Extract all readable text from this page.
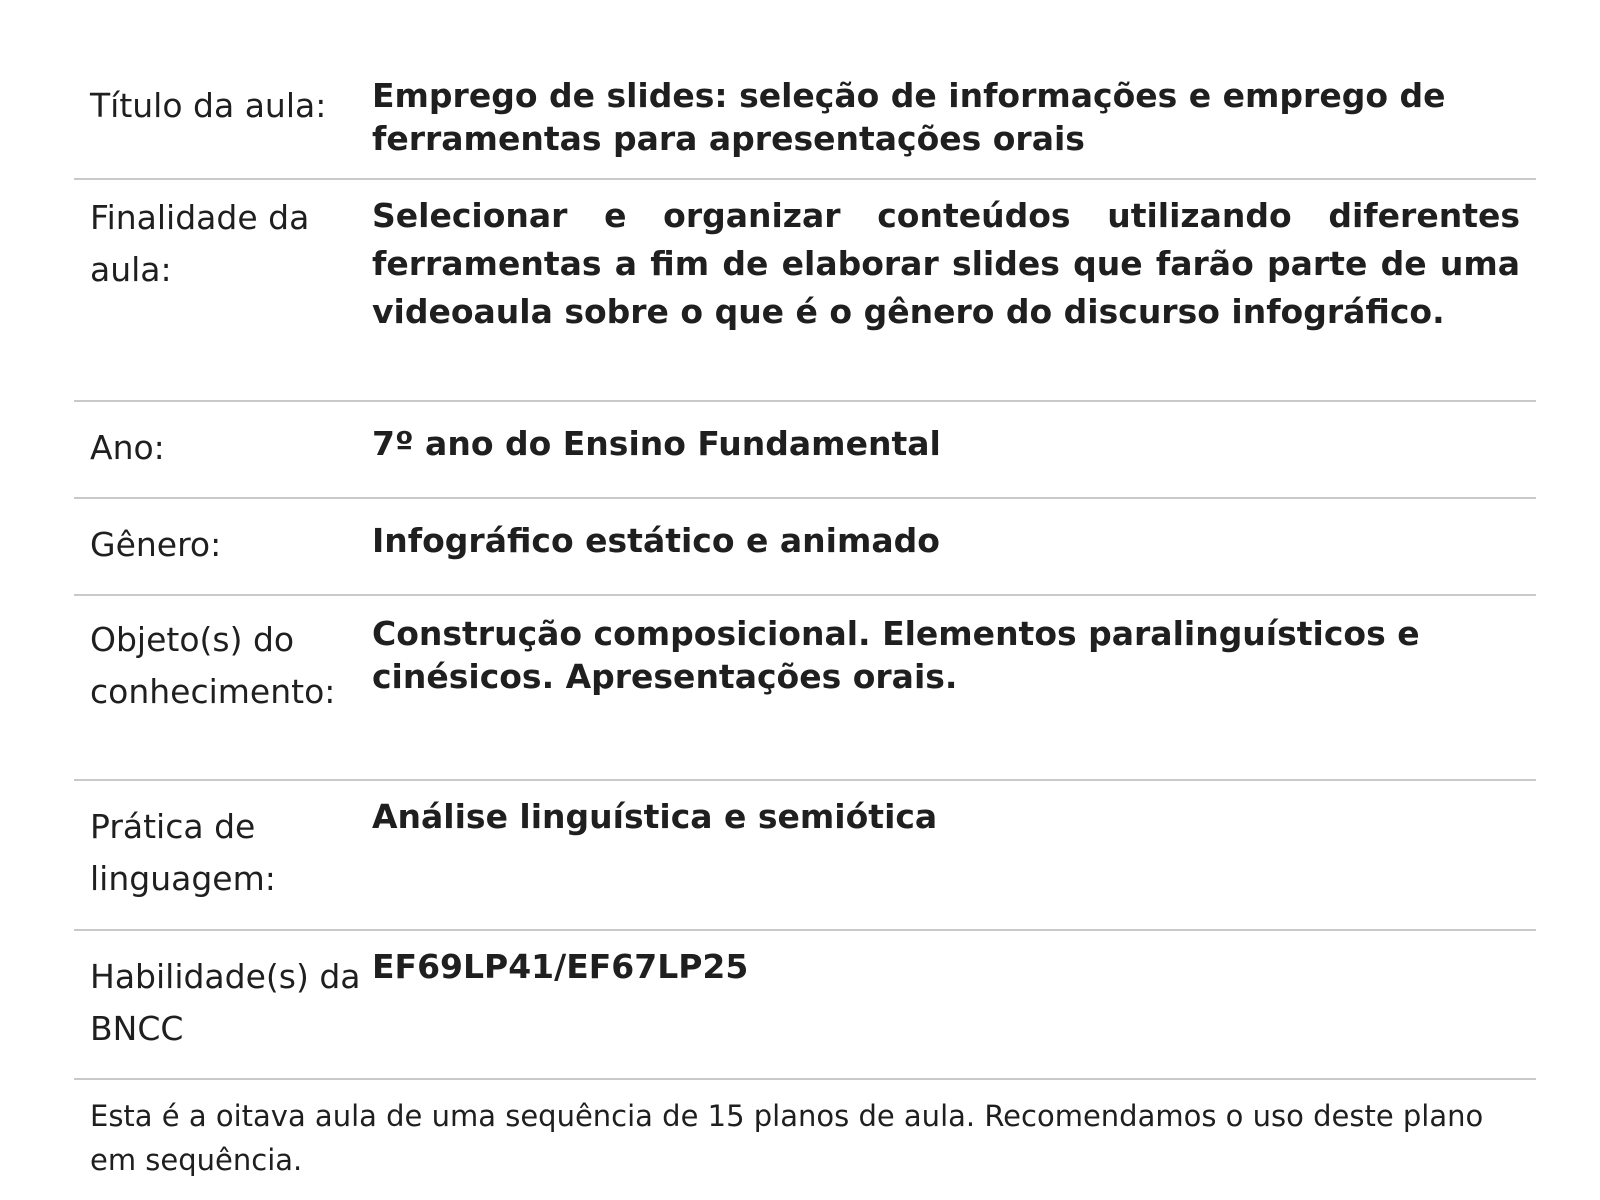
Título da aula:	Emprego de slides: seleção de informações e emprego de ferramentas para apresentações orais
Finalidade da aula:
Selecionar e organizar conteúdos utilizando diferentes ferramentas a fim de elaborar slides que farão parte de uma videoaula sobre o que é o gênero do discurso infográfico.
Ano:	7º ano do Ensino Fundamental
Gênero:	Infográfico estático e animado
Objeto(s) do conhecimento:
Construção composicional. Elementos paralinguísticos e cinésicos. Apresentações orais.
Prática de linguagem:
Análise linguística e semiótica
Habilidade(s) da BNCC
EF69LP41/EF67LP25
Esta é a oitava aula de uma sequência de 15 planos de aula. Recomendamos o uso deste plano em sequência.
